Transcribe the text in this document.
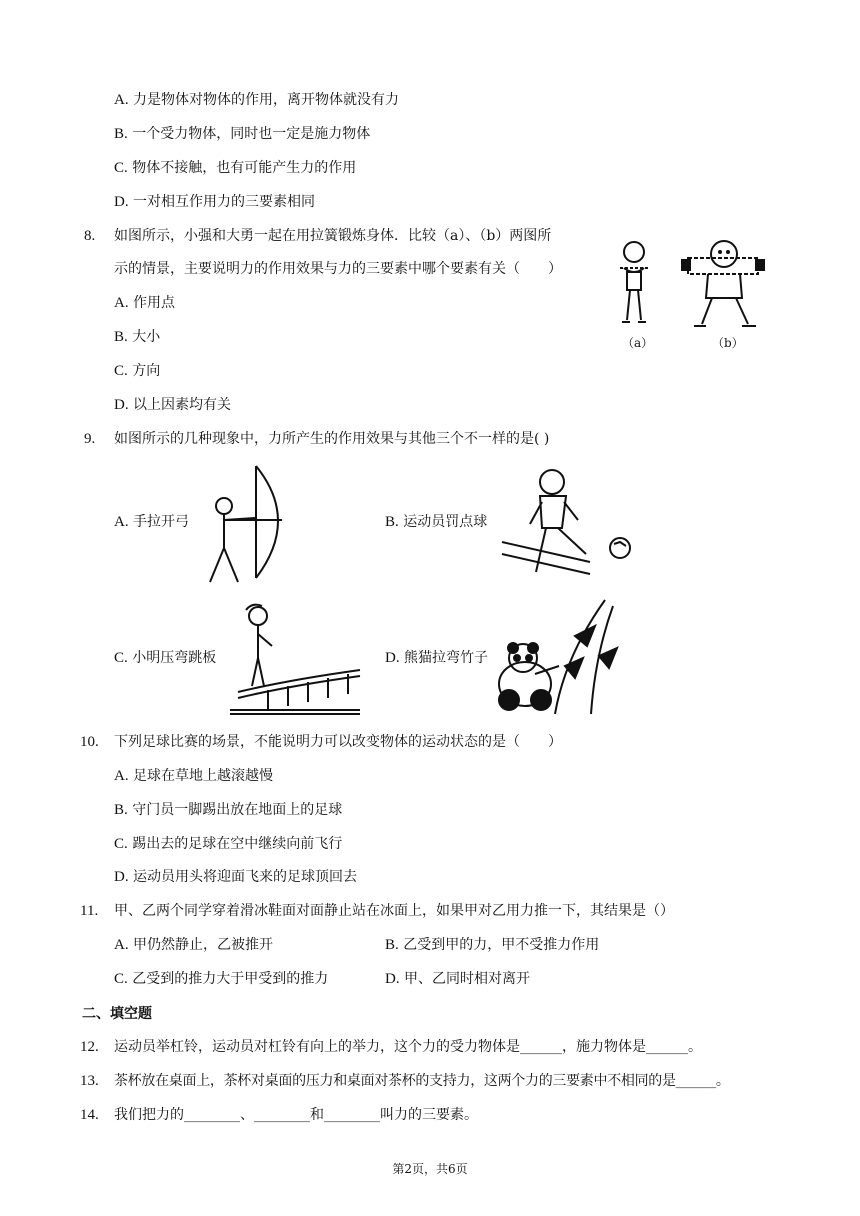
A. 力是物体对物体的作用，离开物体就没有力
B. 一个受力物体，同时也一定是施力物体
C. 物体不接触，也有可能产生力的作用
D. 一对相互作用力的三要素相同
8. 如图所示，小强和大勇一起在用拉簧锻炼身体．比较（a）、（b）两图所
示的情景，主要说明力的作用效果与力的三要素中哪个要素有关（　　）
A. 作用点
B. 大小
C. 方向
D. 以上因素均有关
（a）	（b）
9. 如图所示的几种现象中，力所产生的作用效果与其他三个不一样的是( )
A. 手拉开弓	B. 运动员罚点球
C. 小明压弯跳板	D. 熊猫拉弯竹子
10. 下列足球比赛的场景，不能说明力可以改变物体的运动状态的是（　　）
A. 足球在草地上越滚越慢
B. 守门员一脚踢出放在地面上的足球
C. 踢出去的足球在空中继续向前飞行
D. 运动员用头将迎面飞来的足球顶回去
11. 甲、乙两个同学穿着滑冰鞋面对面静止站在冰面上，如果甲对乙用力推一下，其结果是（）
A. 甲仍然静止，乙被推开	B. 乙受到甲的力，甲不受推力作用
C. 乙受到的推力大于甲受到的推力	D. 甲、乙同时相对离开
二、填空题
12. 运动员举杠铃，运动员对杠铃有向上的举力，这个力的受力物体是______，施力物体是______。
13. 茶杯放在桌面上，茶杯对桌面的压力和桌面对茶杯的支持力，这两个力的三要素中不相同的是______。
14. 我们把力的________、________和________叫力的三要素。
第2页，共6页
